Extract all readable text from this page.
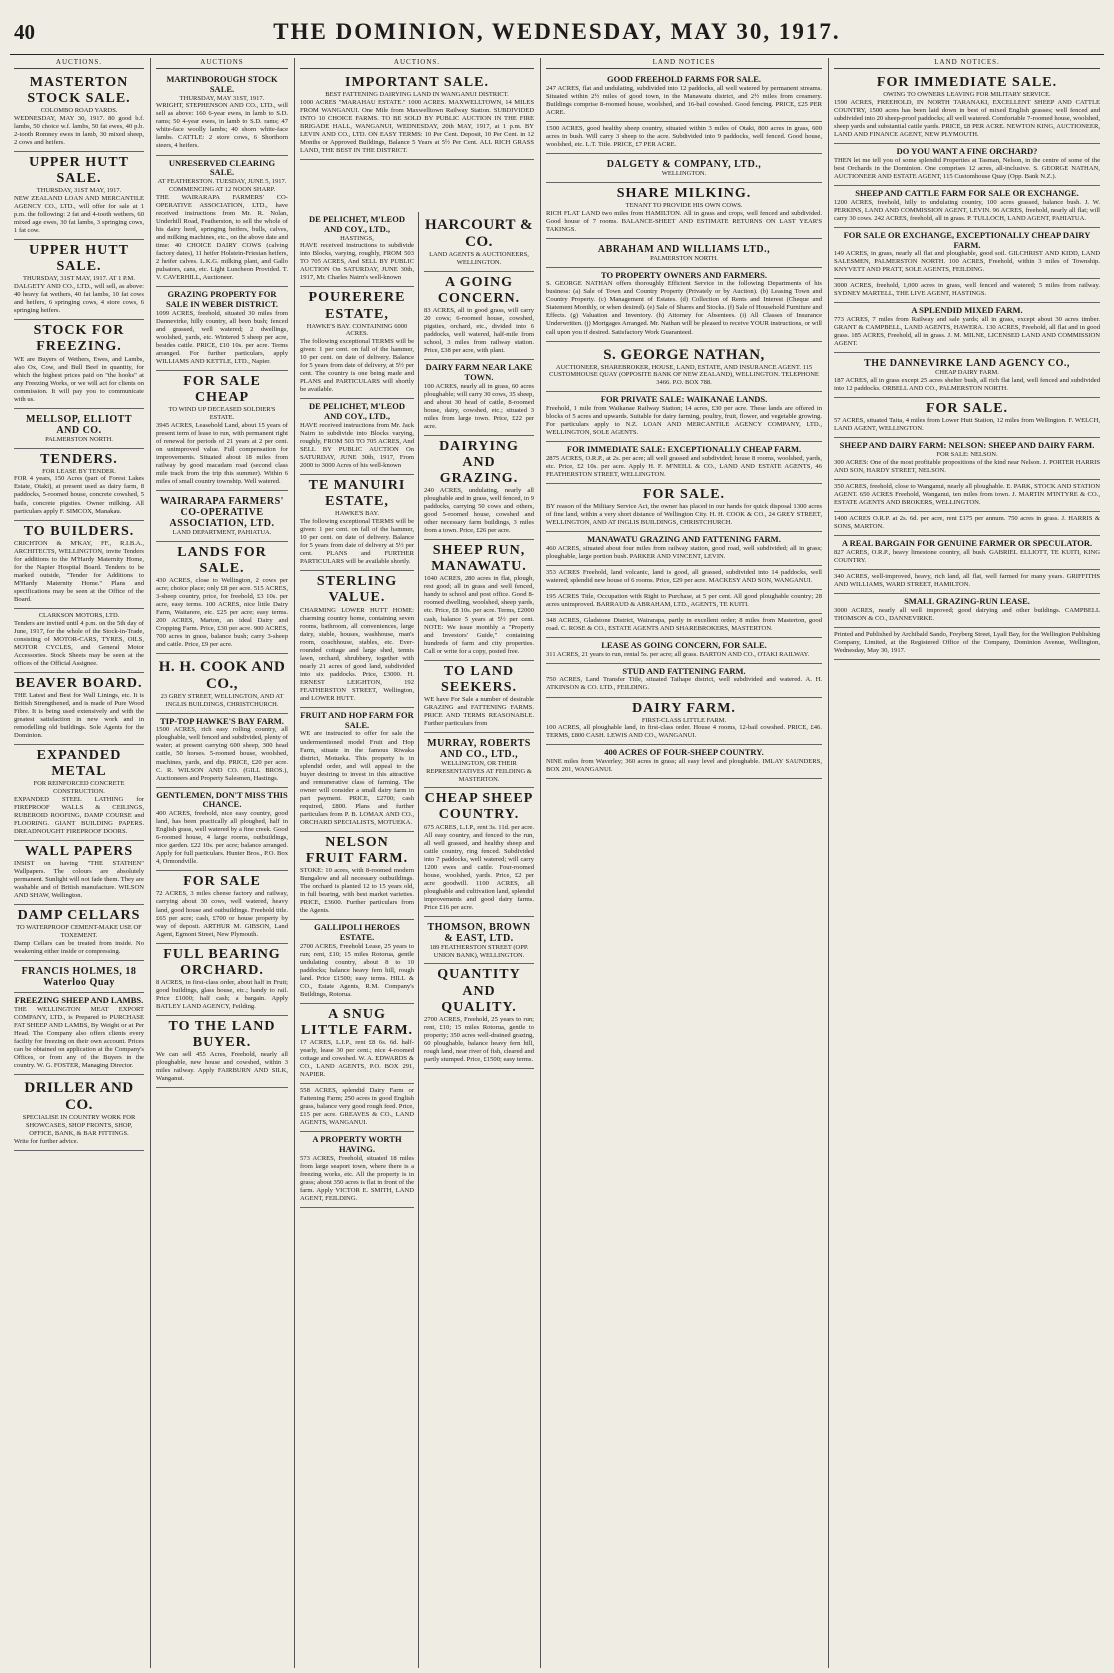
40	THE DOMINION, WEDNESDAY, MAY 30, 1917.
AUCTIONS.
MASTERTON STOCK SALE.
COLOMBO ROAD YARDS.
WEDNESDAY, MAY 30, 1917. 80 good b.f. lambs, 50 choice w.f. lambs, 50 fat ewes, 40 p.b. 2-tooth Romney ewes in lamb, 30 mixed sheep, 2 cows and heifers.
UPPER HUTT SALE.
THURSDAY, 31ST MAY, 1917.
NEW ZEALAND LOAN AND MERCANTILE AGENCY CO., LTD., will offer for sale at 1 p.m. the following: 2 fat and 4-tooth wethers, 60 mixed age ewes, 30 fat lambs, 3 springing cows, 1 fat cow.
UPPER HUTT SALE.
THURSDAY, 31ST MAY, 1917. AT 1 P.M.
DALGETY AND CO., LTD., will sell, as above: 40 heavy fat wethers, 40 fat lambs, 10 fat cows and heifers, 6 springing cows, 4 store cows, 6 springing heifers.
STOCK FOR FREEZING.
WE are Buyers of Wethers, Ewes, and Lambs, also Ox, Cow, and Bull Beef in quantity, for which the highest prices paid on "the hooks" at any Freezing Works, or we will act for clients on commission. It will pay you to communicate with us.
MELLSOP, ELLIOTT AND CO.
PALMERSTON NORTH.
TENDERS.
FOR LEASE BY TENDER.
FOR 4 years, 150 Acres (part of Forest Lakes Estate, Otaki), at present used as dairy farm, 8 paddocks, 5-roomed house, concrete cowshed, 5 bails, concrete pigsties. Owner milking. All particulars apply F. SIMCOX, Manakau.
TO BUILDERS.
CRICHTON & M'KAY, FF., R.I.B.A., ARCHITECTS, WELLINGTON, invite Tenders for additions to the M'Hardy Maternity Home, for the Napier Hospital Board. Tenders to be marked outside, "Tender for Additions to M'Hardy Maternity Home." Plans and specifications may be seen at the Office of the Board.
CLARKSON MOTORS, LTD.
Tenders are invited until 4 p.m. on the 5th day of June, 1917, for the whole of the Stock-in-Trade, consisting of MOTOR-CARS, TYRES, OILS, MOTOR CYCLES, and General Motor Accessories. Stock Sheets may be seen at the offices of the Official Assignee.
BEAVER BOARD.
THE Latest and Best for Wall Linings, etc. It is British Strengthened, and is made of Pure Wood Fibre. It is being used extensively and with the greatest satisfaction in new work and in remodelling old buildings. Sole Agents for the Dominion.
EXPANDED METAL
FOR REINFORCED CONCRETE CONSTRUCTION.
EXPANDED STEEL LATHING for FIREPROOF WALLS & CEILINGS, RUBEROID ROOFING, DAMP COURSE and FLOORING. GIANT BUILDING PAPERS. DREADNOUGHT FIREPROOF DOORS.
WALL PAPERS
INSIST on having "THE STATHEN" Wallpapers. The colours are absolutely permanent. Sunlight will not fade them. They are washable and of British manufacture. WILSON AND SHAW, Wellington.
DAMP CELLARS
TO WATERPROOF CEMENT-MAKE USE OF TOXEMENT.
Damp Cellars can be treated from inside. No weakening either inside or compressing.
FRANCIS HOLMES, 18 Waterloo Quay
FREEZING SHEEP AND LAMBS.
THE WELLINGTON MEAT EXPORT COMPANY, LTD., is Prepared to PURCHASE FAT SHEEP AND LAMBS, By Weight or at Per Head. The Company also offers clients every facility for freezing on their own account. Prices can be obtained on application at the Company's Offices, or from any of the Buyers in the country. W. G. FOSTER, Managing Director.
DRILLER AND CO.
SPECIALISE IN COUNTRY WORK FOR SHOWCASES, SHOP FRONTS, SHOP, OFFICE, BANK, & BAR FITTINGS.
Write for further advice.
AUCTIONS
MARTINBOROUGH STOCK SALE.
THURSDAY, MAY 31ST, 1917.
WRIGHT, STEPHENSON AND CO., LTD., will sell as above: 160 6-year ewes, in lamb to S.D. rams; 50 4-year ewes, in lamb to S.D. rams; 47 white-face woolly lambs; 40 shorn white-face lambs. CATTLE: 2 store cows, 6 Shorthorn steers, 4 heifers.
UNRESERVED CLEARING SALE.
AT FEATHERSTON. TUESDAY, JUNE 5, 1917. COMMENCING AT 12 NOON SHARP.
THE WAIRARAPA FARMERS' CO-OPERATIVE ASSOCIATION, LTD., have received instructions from Mr. R. Nolan, Underhill Road, Featherston, to sell the whole of his dairy herd, springing heifers, bulls, calves, and milking machines, etc., on the above date and time: 40 CHOICE DAIRY COWS (calving factory dates), 11 heifer Holstein-Friesian heifers, 2 heifer calves. L.K.G. milking plant, and Gallo pulsators, cans, etc. Light Luncheon Provided. T. V. CAVERHILL, Auctioneer.
GRAZING PROPERTY FOR SALE IN WEBER DISTRICT.
1099 ACRES, freehold, situated 30 miles from Dannevirke, hilly country, all been bush; fenced and grassed, well watered; 2 dwellings, woolshed, yards, etc. Wintered 5 sheep per acre, besides cattle. PRICE, £10 10s. per acre. Terms arranged. For further particulars, apply WILLIAMS AND KETTLE, LTD., Napier.
FOR SALE CHEAP
TO WIND UP DECEASED SOLDIER'S ESTATE.
3945 ACRES, Leasehold Land, about 15 years of present term of lease to run, with permanent right of renewal for periods of 21 years at 2 per cent. on unimproved value. Full compensation for improvements. Situated about 18 miles from railway by good macadam road (second class mile track from the trip this summer). Within 6 miles of small country township. Well watered.
WAIRARAPA FARMERS' CO-OPERATIVE ASSOCIATION, LTD.
LAND DEPARTMENT, PAHIATUA.
LANDS FOR SALE.
430 ACRES, close to Wellington, 2 cows per acre; choice place; only £8 per acre. 515 ACRES, 3-sheep country, price, for freehold, £3 10s. per acre, easy terms. 100 ACRES, nice little Dairy Farm, Waitarere, etc. £25 per acre; easy terms. 200 ACRES, Marton, an ideal Dairy and Cropping Farm. Price, £30 per acre. 900 ACRES, 700 acres in grass, balance bush; carry 3-sheep and cattle. Price, £9 per acre.
H. H. COOK AND CO.,
23 GREY STREET, WELLINGTON, AND AT INGLIS BUILDINGS, CHRISTCHURCH.
TIP-TOP HAWKE'S BAY FARM.
1500 ACRES, rich easy rolling country, all ploughable, well fenced and subdivided, plenty of water; at present carrying 600 sheep, 300 head cattle, 50 horses. 5-roomed house, woolshed, machines, yards, and dip. PRICE, £20 per acre. C. R. WILSON AND CO. (GILL BROS.), Auctioneers and Property Salesmen, Hastings.
GENTLEMEN, DON'T MISS THIS CHANCE.
400 ACRES, freehold, nice easy country, good land, has been practically all ploughed, half in English grass, well watered by a fine creek. Good 6-roomed house, 4 large rooms, outbuildings, nice garden. £22 10s. per acre; balance arranged. Apply for full particulars. Hunter Bros., P.O. Box 4, Ormondville.
FOR SALE
72 ACRES, 3 miles cheese factory and railway, carrying about 30 cows, well watered, heavy land, good house and outbuildings. Freehold title. £65 per acre; cash, £700 or house property by way of deposit. ARTHUR M. GIBSON, Land Agent, Egmont Street, New Plymouth.
FULL BEARING ORCHARD.
8 ACRES, in first-class order, about half in Fruit; good buildings, glass house, etc.; handy to rail. Price £1000; half cash; a bargain. Apply BATLEY LAND AGENCY, Feilding.
TO THE LAND BUYER.
We can sell 455 Acres, Freehold, nearly all ploughable, new house and cowshed, within 3 miles railway. Apply FAIRBURN AND SILK, Wanganui.
AUCTIONS.
IMPORTANT SALE.
BEST FATTENING DAIRYING LAND IN WANGANUI DISTRICT.
1000 ACRES "MARAHAU ESTATE." 1000 ACRES. MAXWELLTOWN, 14 MILES FROM WANGANUI. One Mile from Maxwelltown Railway Station. SUBDIVIDED INTO 10 CHOICE FARMS. TO BE SOLD BY PUBLIC AUCTION IN THE FIRE BRIGADE HALL, WANGANUI, WEDNESDAY, 20th MAY, 1917, at 1 p.m. BY LEVIN AND CO., LTD. ON EASY TERMS: 10 Per Cent. Deposit, 10 Per Cent. in 12 Months or Approved Buildings, Balance 5 Years at 5½ Per Cent. ALL RICH GRASS LAND, THE BEST IN THE DISTRICT.
DE PELICHET, M'LEOD AND COY., LTD.,
HASTINGS,
HAVE received instructions to subdivide into Blocks, varying, roughly, FROM 503 TO 705 ACRES, And SELL BY PUBLIC AUCTION On SATURDAY, JUNE 30th, 1917, Mr. Charles Nairn's well-known
POURERERE ESTATE,
HAWKE'S BAY. CONTAINING 6000 ACRES.
The following exceptional TERMS will be given: 1 per cent. on fall of the hammer, 10 per cent. on date of delivery. Balance for 5 years from date of delivery, at 5½ per cent. The country is one being made and PLANS and PARTICULARS will shortly be available.
DE PELICHET, M'LEOD AND COY., LTD.,
HAVE received instructions from Mr. Jack Nairn to subdivide into Blocks varying, roughly, FROM 503 TO 705 ACRES, And SELL BY PUBLIC AUCTION On SATURDAY, JUNE 30th, 1917, From 2000 to 3000 Acres of his well-known
TE MANUIRI ESTATE,
HAWKE'S BAY.
The following exceptional TERMS will be given: 1 per cent. on fall of the hammer, 10 per cent. on date of delivery. Balance for 5 years from date of delivery at 5½ per cent. PLANS and FURTHER PARTICULARS will be available shortly.
STERLING VALUE.
CHARMING LOWER HUTT HOME: charming country home, containing seven rooms, bathroom, all conveniences, large dairy, stable, houses, washhouse, man's room, coachhouse, stables, etc. Ever-rounded cottage and large shed, tennis lawn, orchard, shrubbery, together with nearly 21 acres of good land, subdivided into six paddocks. Price, £3000. H. ERNEST LEIGHTON, 192 FEATHERSTON STREET, Wellington, and LOWER HUTT.
FRUIT AND HOP FARM FOR SALE.
WE are instructed to offer for sale the undermentioned model Fruit and Hop Farm, situate in the famous Riwaka district, Motueka. This property is in splendid order, and will appeal to the buyer desiring to invest in this attractive and remunerative class of farming. The owner will consider a small dairy farm in part payment. PRICE, £2700; cash required, £800. Plans and further particulars from P. B. LOMAX AND CO., ORCHARD SPECIALISTS, MOTUEKA.
NELSON FRUIT FARM.
STOKE: 10 acres, with 8-roomed modern Bungalow and all necessary outbuildings. The orchard is planted 12 to 15 years old, in full bearing, with best market varieties. PRICE, £3600. Further particulars from the Agents.
GALLIPOLI HEROES ESTATE.
2700 ACRES, Freehold Lease, 25 years to run; rent, £10; 15 miles Rotorua, gentle undulating country, about 8 to 10 paddocks; balance heavy fern hill, rough land. Price £1500; easy terms. HILL & CO., Estate Agents, R.M. Company's Buildings, Rotorua.
A SNUG LITTLE FARM.
17 ACRES, L.I.P., rent £8 6s. 6d. half-yearly, lease 30 per cent.; nice 4-roomed cottage and cowshed. W. A. EDWARDS & CO., LAND AGENTS, P.O. BOX 291, NAPIER.
558 ACRES, splendid Dairy Farm or Fattening Farm; 250 acres in good English grass, balance very good rough feed. Price, £15 per acre. GREAVES & CO., LAND AGENTS, WANGANUI.
A PROPERTY WORTH HAVING.
573 ACRES, Freehold, situated 18 miles from large seaport town, where there is a freezing works, etc. All the property is in grass; about 350 acres is flat in front of the farm. Apply VICTOR E. SMITH, LAND AGENT, FEILDING.
HARCOURT & CO.
LAND AGENTS & AUCTIONEERS, WELLINGTON.
A GOING CONCERN.
83 ACRES, all in good grass, will carry 20 cows; 6-roomed house, cowshed, pigsties, orchard, etc., divided into 6 paddocks, well watered, half-mile from school, 3 miles from railway station. Price, £38 per acre, with plant.
DAIRY FARM NEAR LAKE TOWN.
100 ACRES, nearly all in grass, 60 acres ploughable; will carry 30 cows, 35 sheep, and about 30 head of cattle, 8-roomed house, dairy, cowshed, etc.; situated 3 miles from large town. Price, £22 per acre.
DAIRYING AND GRAZING.
240 ACRES, undulating, nearly all ploughable and in grass, well fenced, in 9 paddocks, carrying 50 cows and others, good 5-roomed house, cowshed and other necessary farm buildings, 3 miles from a town. Price, £26 per acre.
SHEEP RUN, MANAWATU.
1040 ACRES, 280 acres in flat, plough, rest good; all in grass and well fenced, handy to school and post office. Good 8-roomed dwelling, woolshed, sheep yards, etc. Price, £8 10s. per acre. Terms, £2000 cash, balance 5 years at 5½ per cent. NOTE: We issue monthly a "Property and Investors' Guide," containing hundreds of farm and city properties. Call or write for a copy, posted free.
TO LAND SEEKERS.
WE have For Sale a number of desirable GRAZING and FATTENING FARMS. PRICE AND TERMS REASONABLE. Further particulars from
MURRAY, ROBERTS AND CO., LTD.,
WELLINGTON, OR THEIR REPRESENTATIVES AT FEILDING & MASTERTON.
CHEAP SHEEP COUNTRY.
675 ACRES, L.I.P., rent 3s. 11d. per acre. All easy country, and fenced to the run, all well grassed, and healthy sheep and cattle country, ring fenced. Subdivided into 7 paddocks, well watered; will carry 1200 ewes and cattle. Four-roomed house, woolshed, yards. Price, £2 per acre goodwill. 1100 ACRES, all ploughable and cultivation land, splendid improvements and good dairy farms. Price £16 per acre.
THOMSON, BROWN & EAST, LTD.
189 FEATHERSTON STREET (OPP. UNION BANK), WELLINGTON.
QUANTITY AND QUALITY.
2700 ACRES, Freehold, 25 years to run; rent, £10; 15 miles Rotorua, gentle to property; 350 acres well-drained grazing, 60 ploughable, balance heavy fern hill, rough land, near river of fish, cleared and partly stumped. Price, £1500; easy terms.
LAND NOTICES
GOOD FREEHOLD FARMS FOR SALE.
247 ACRES, flat and undulating, subdivided into 12 paddocks, all well watered by permanent streams. Situated within 2½ miles of good town, in the Manawatu district, and 2½ miles from creamery. Buildings comprise 8-roomed house, woolshed, and 16-bail cowshed. Good fencing. PRICE, £25 PER ACRE.
1500 ACRES, good healthy sheep country, situated within 3 miles of Otaki, 800 acres in grass, 600 acres in bush. Will carry 3 sheep to the acre. Subdivided into 9 paddocks, well fenced. Good house, woolshed, etc. L.T. Title. PRICE, £7 PER ACRE.
DALGETY & COMPANY, LTD.,
WELLINGTON.
SHARE MILKING.
TENANT TO PROVIDE HIS OWN COWS.
RICH FLAT LAND two miles from HAMILTON. All in grass and crops, well fenced and subdivided. Good house of 7 rooms. BALANCE-SHEET AND ESTIMATE RETURNS ON LAST YEAR'S TAKINGS.
ABRAHAM AND WILLIAMS LTD.,
PALMERSTON NORTH.
TO PROPERTY OWNERS AND FARMERS.
S. GEORGE NATHAN offers thoroughly Efficient Service in the following Departments of his business: (a) Sale of Town and Country Property (Privately or by Auction). (b) Leasing Town and Country Property. (c) Management of Estates. (d) Collection of Rents and Interest (Cheque and Statement Monthly, or when desired). (e) Sale of Shares and Stocks. (f) Sale of Household Furniture and Effects. (g) Valuation and Inventory. (h) Attorney for Absentees. (i) All Classes of Insurance Underwritten. (j) Mortgages Arranged. Mr. Nathan will be pleased to receive YOUR instructions, or will call upon you if desired. Satisfactory Work Guaranteed.
S. GEORGE NATHAN,
AUCTIONEER, SHAREBROKER, HOUSE, LAND, ESTATE, AND INSURANCE AGENT. 115 CUSTOMHOUSE QUAY (OPPOSITE BANK OF NEW ZEALAND), WELLINGTON. TELEPHONE 3466. P.O. BOX 788.
FOR PRIVATE SALE: WAIKANAE LANDS.
Freehold, 1 mile from Waikanae Railway Station; 14 acres, £30 per acre. These lands are offered in blocks of 5 acres and upwards. Suitable for dairy farming, poultry, fruit, flower, and vegetable growing. For particulars apply to N.Z. LOAN AND MERCANTILE AGENCY COMPANY, LTD., WELLINGTON, SOLE AGENTS.
FOR IMMEDIATE SALE: EXCEPTIONALLY CHEAP FARM.
2875 ACRES, O.R.P., at 2s. per acre; all well grassed and subdivided; house 8 rooms, woolshed, yards, etc. Price, £2 10s. per acre. Apply H. F. M'NEILL & CO., LAND AND ESTATE AGENTS, 46 FEATHERSTON STREET, WELLINGTON.
FOR SALE.
BY reason of the Military Service Act, the owner has placed in our hands for quick disposal 1300 acres of fine land, within a very short distance of Wellington City. H. H. COOK & CO., 24 GREY STREET, WELLINGTON, AND AT INGLIS BUILDINGS, CHRISTCHURCH.
MANAWATU GRAZING AND FATTENING FARM.
460 ACRES, situated about four miles from railway station, good road, well subdivided; all in grass; ploughable, large portion bush. PARKER AND VINCENT, LEVIN.
353 ACRES Freehold, land volcanic, land is good, all grassed, subdivided into 14 paddocks, well watered; splendid new house of 6 rooms. Price, £29 per acre. MACKESY AND SON, WANGANUI.
195 ACRES Title, Occupation with Right to Purchase, at 5 per cent. All good ploughable country; 28 acres unimproved. BARRAUD & ABRAHAM, LTD., AGENTS, TE KUITI.
348 ACRES, Gladstone District, Wairarapa, partly in excellent order; 8 miles from Masterton, good road. C. ROSE & CO., ESTATE AGENTS AND SHAREBROKERS, MASTERTON.
LEASE AS GOING CONCERN, FOR SALE.
311 ACRES, 21 years to run, rental 5s. per acre; all grass. BARTON AND CO., OTAKI RAILWAY.
STUD AND FATTENING FARM.
750 ACRES, Land Transfer Title, situated Taihape district, well subdivided and watered. A. H. ATKINSON & CO. LTD., FEILDING.
DAIRY FARM.
FIRST-CLASS LITTLE FARM.
100 ACRES, all ploughable land, in first-class order. House 4 rooms, 12-bail cowshed. PRICE, £46. TERMS, £800 CASH. LEWIS AND CO., WANGANUI.
400 ACRES OF FOUR-SHEEP COUNTRY.
NINE miles from Waverley; 360 acres in grass; all easy level and ploughable. IMLAY SAUNDERS, BOX 201, WANGANUI.
LAND NOTICES.
FOR IMMEDIATE SALE.
OWING TO OWNERS LEAVING FOR MILITARY SERVICE.
1590 ACRES, FREEHOLD, IN NORTH TARANAKI, EXCELLENT SHEEP AND CATTLE COUNTRY, 1500 acres has been laid down in best of mixed English grasses; well fenced and subdivided into 20 sheep-proof paddocks; all well watered. Comfortable 7-roomed house, woolshed, sheep yards and substantial cattle yards. PRICE, £8 PER ACRE. NEWTON KING, AUCTIONEER, LAND AND FINANCE AGENT, NEW PLYMOUTH.
DO YOU WANT A FINE ORCHARD?
THEN let me tell you of some splendid Properties at Tasman, Nelson, in the centre of some of the best Orchards in the Dominion. One comprises 12 acres, all-inclusive. S. GEORGE NATHAN, AUCTIONEER AND ESTATE AGENT, 115 Customhouse Quay (Opp. Bank N.Z.).
SHEEP AND CATTLE FARM FOR SALE OR EXCHANGE.
1200 ACRES, freehold, hilly to undulating country, 100 acres grassed, balance bush. J. W. PERKINS, LAND AND COMMISSION AGENT, LEVIN. 96 ACRES, freehold, nearly all flat; will carry 30 cows. 242 ACRES, freehold, all in grass. P. TULLOCH, LAND AGENT, PAHIATUA.
FOR SALE OR EXCHANGE, EXCEPTIONALLY CHEAP DAIRY FARM.
149 ACRES, in grass, nearly all flat and ploughable, good soil. GILCHRIST AND KIDD, LAND SALESMEN, PALMERSTON NORTH. 100 ACRES, Freehold, within 3 miles of Township. KNYVETT AND PRATT, SOLE AGENTS, FEILDING.
3000 ACRES, freehold, 1,000 acres in grass, well fenced and watered; 5 miles from railway. SYDNEY MARTELL, THE LIVE AGENT, HASTINGS.
A SPLENDID MIXED FARM.
773 ACRES, 7 miles from Railway and sale yards; all in grass, except about 30 acres timber. GRANT & CAMPBELL, LAND AGENTS, HAWERA. 130 ACRES, Freehold, all flat and in good grass. 185 ACRES, Freehold, all in grass. J. M. MILNE, LICENSED LAND AND COMMISSION AGENT.
THE DANNEVIRKE LAND AGENCY CO.,
CHEAP DAIRY FARM.
187 ACRES, all in grass except 25 acres shelter bush, all rich flat land, well fenced and subdivided into 12 paddocks. ORBELL AND CO., PALMERSTON NORTH.
FOR SALE.
57 ACRES, situated Taita, 4 miles from Lower Hutt Station, 12 miles from Wellington. F. WELCH, LAND AGENT, WELLINGTON.
SHEEP AND DAIRY FARM: NELSON: SHEEP AND DAIRY FARM.
FOR SALE: NELSON.
300 ACRES: One of the most profitable propositions of the kind near Nelson. J. PORTER HARRIS AND SON, HARDY STREET, NELSON.
350 ACRES, freehold, close to Wanganui, nearly all ploughable. E. PARK, STOCK AND STATION AGENT. 650 ACRES Freehold, Wanganui, ten miles from town. J. MARTIN M'INTYRE & CO., ESTATE AGENTS AND BROKERS, WELLINGTON.
1400 ACRES O.R.P. at 2s. 6d. per acre, rent £175 per annum. 750 acres in grass. J. HARRIS & SONS, MARTON.
A REAL BARGAIN FOR GENUINE FARMER OR SPECULATOR.
827 ACRES, O.R.P., heavy limestone country, all bush. GABRIEL ELLIOTT, TE KUITI, KING COUNTRY.
340 ACRES, well-improved, heavy, rich land, all flat, well farmed for many years. GRIFFITHS AND WILLIAMS, WARD STREET, HAMILTON.
SMALL GRAZING-RUN LEASE.
3000 ACRES, nearly all well improved; good dairying and other buildings. CAMPBELL THOMSON & CO., DANNEVIRKE.
Printed and Published by Archibald Sando, Freyberg Street, Lyall Bay, for the Wellington Publishing Company, Limited, at the Registered Office of the Company, Dominion Avenue, Wellington, Wednesday, May 30, 1917.
